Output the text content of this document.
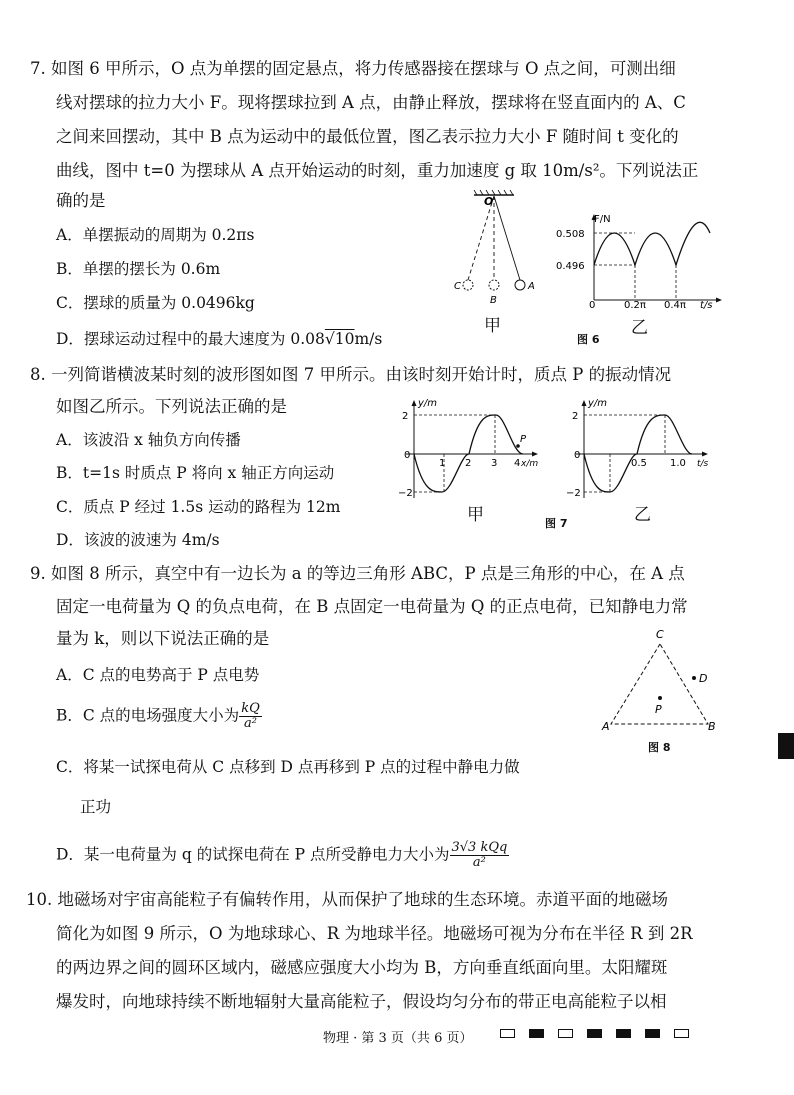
7. 如图 6 甲所示，O 点为单摆的固定悬点，将力传感器接在摆球与 O 点之间，可测出细
线对摆球的拉力大小 F。现将摆球拉到 A 点，由静止释放，摆球将在竖直面内的 A、C
之间来回摆动，其中 B 点为运动中的最低位置，图乙表示拉力大小 F 随时间 t 变化的
曲线，图中 t=0 为摆球从 A 点开始运动的时刻，重力加速度 g 取 10m/s²。下列说法正
确的是
A．单摆振动的周期为 0.2πs
B．单摆的摆长为 0.6m
C．摆球的质量为 0.0496kg
D．摆球运动过程中的最大速度为 0.08√10m/s
O
C
B
A
甲
F/N
0.508
0.496
0	0.2π 0.4π t/s
图 6
乙
8. 一列简谐横波某时刻的波形图如图 7 甲所示。由该时刻开始计时，质点 P 的振动情况
如图乙所示。下列说法正确的是
A．该波沿 x 轴负方向传播
B．t=1s 时质点 P 将向 x 轴正方向运动
C．质点 P 经过 1.5s 运动的路程为 12m
D．该波的波速为 4m/s
y/m
2
−2
0
1 2 3 4 x/m
P
甲
y/m
2
−2
0
0.5 1.0 t/s
图 7	乙
9. 如图 8 所示，真空中有一边长为 a 的等边三角形 ABC，P 点是三角形的中心，在 A 点
固定一电荷量为 Q 的负点电荷，在 B 点固定一电荷量为 Q 的正点电荷，已知静电力常
量为 k，则以下说法正确的是
A．C 点的电势高于 P 点电势
B．C 点的电场强度大小为 $\frac{kQ}{\text{a²}}$
C．将某一试探电荷从 C 点移到 D 点再移到 P 点的过程中静电力做
正功
D．某一电荷量为 q 的试探电荷在 P 点所受静电力大小为 $\frac{\text{3√3 kQq}}{\text{a²}}$
C
A	B
D
P
图 8
10. 地磁场对宇宙高能粒子有偏转作用，从而保护了地球的生态环境。赤道平面的地磁场
简化为如图 9 所示，O 为地球球心、R 为地球半径。地磁场可视为分布在半径 R 到 2R
的两边界之间的圆环区域内，磁感应强度大小均为 B，方向垂直纸面向里。太阳耀斑
爆发时，向地球持续不断地辐射大量高能粒子，假设均匀分布的带正电高能粒子以相
物理 · 第 3 页（共 6 页）
